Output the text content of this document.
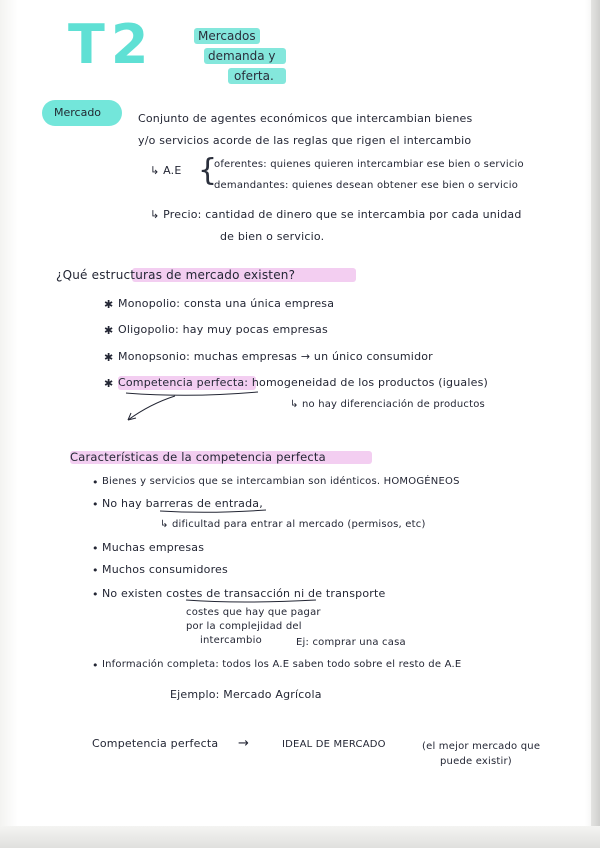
T2	Mercados
demanda y
oferta.
Mercado	Conjunto de agentes económicos que intercambian bienes
y/o servicios acorde de las reglas que rigen el intercambio
↳ A.E {
oferentes: quienes quieren intercambiar ese bien o servicio
demandantes: quienes desean obtener ese bien o servicio
↳ Precio: cantidad de dinero que se intercambia por cada unidad
de bien o servicio.
¿Qué estructuras de mercado existen?
✱ Monopolio: consta una única empresa
✱ Oligopolio: hay muy pocas empresas
✱ Monopsonio: muchas empresas → un único consumidor
✱ Competencia perfecta: homogeneidad de los productos (iguales)
↳ no hay diferenciación de productos
Características de la competencia perfecta
• Bienes y servicios que se intercambian son idénticos. HOMOGÉNEOS
• No hay barreras de entrada,
↳ dificultad para entrar al mercado (permisos, etc)
• Muchas empresas
• Muchos consumidores
• No existen costes de transacción ni de transporte
costes que hay que pagar
por la complejidad del
intercambio	Ej: comprar una casa
• Información completa: todos los A.E saben todo sobre el resto de A.E
Ejemplo: Mercado Agrícola
Competencia perfecta →	IDEAL DE MERCADO	(el mejor mercado que
puede existir)
